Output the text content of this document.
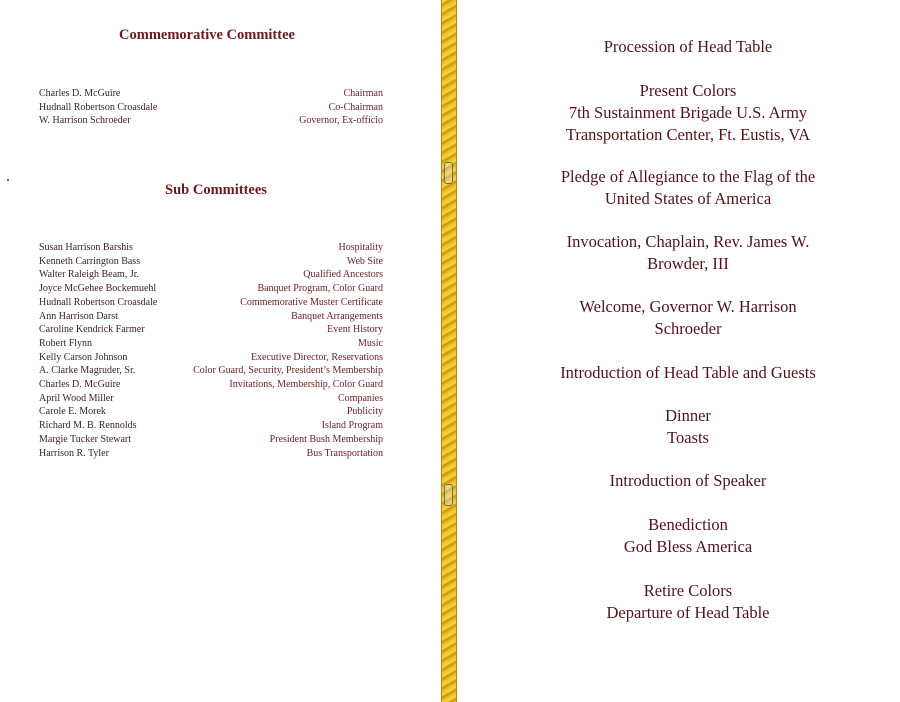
Commemorative Committee
Charles D. McGuire	Chairman
Hudnall Robertson Croasdale	Co-Chairman
W. Harrison Schroeder	Governor, Ex-officio
Sub Committees
Susan Harrison Barshis	Hospitality
Kenneth Carrington Bass	Web Site
Walter Raleigh Beam, Jr.	Qualified Ancestors
Joyce McGehee Bockemuehl	Banquet Program, Color Guard
Hudnall Robertson Croasdale	Commemorative Muster Certificate
Ann Harrison Darst	Banquet Arrangements
Caroline Kendrick Farmer	Event History
Robert Flynn	Music
Kelly Carson Johnson	Executive Director, Reservations
A. Clarke Magruder, Sr.	Color Guard, Security, President’s Membership
Charles D. McGuire	Invitations, Membership, Color Guard
April Wood Miller	Companies
Carole E. Morek	Publicity
Richard M. B. Rennolds	Island Program
Margie Tucker Stewart	President Bush Membership
Harrison R. Tyler	Bus Transportation
Procession of Head Table
Present Colors
7th Sustainment Brigade U.S. Army
Transportation Center, Ft. Eustis, VA
Pledge of Allegiance to the Flag of the
United States of America
Invocation, Chaplain, Rev. James W.
Browder, III
Welcome, Governor W. Harrison
Schroeder
Introduction of Head Table and Guests
Dinner
Toasts
Introduction of Speaker
Benediction
God Bless America
Retire Colors
Departure of Head Table
